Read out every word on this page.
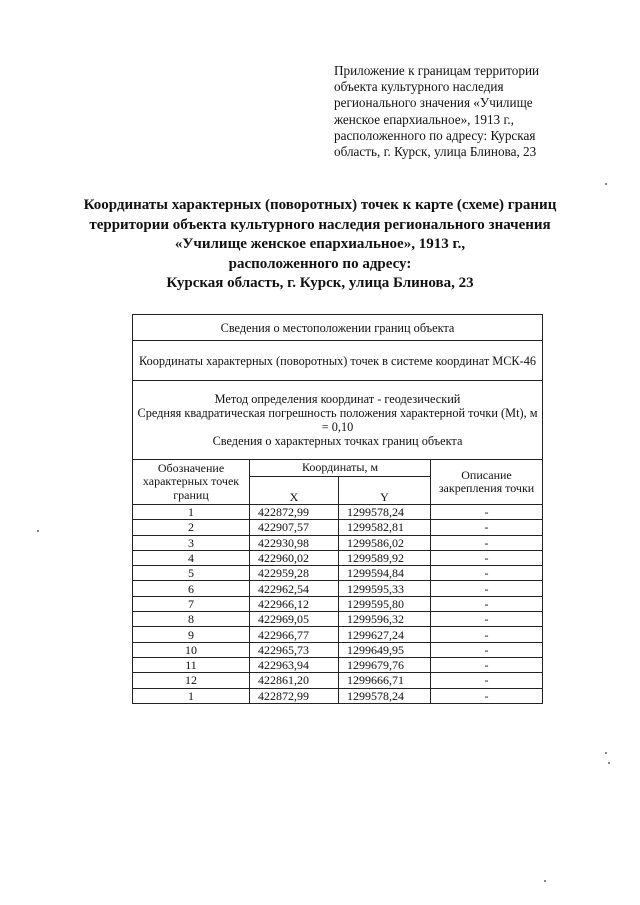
Приложение к границам территории
объекта культурного наследия
регионального значения «Училище
женское епархиальное», 1913 г.,
расположенного по адресу: Курская
область, г. Курск, улица Блинова, 23
Координаты характерных (поворотных) точек к карте (схеме) границ
территории объекта культурного наследия регионального значения
«Училище женское епархиальное», 1913 г.,
расположенного по адресу:
Курская область, г. Курск, улица Блинова, 23
Сведения о местоположении границ объекта			
Координаты характерных (поворотных) точек в системе координат МСК-46			
Метод определения координат - геодезический
Средняя квадратическая погрешность положения характерной точки (Mt), м = 0,10
Сведения о характерных точках границ объекта			
Обозначение характерных точек границ	Координаты, м		Описание закрепления точки
	X	Y	
1	422872,99	1299578,24	-
2	422907,57	1299582,81	-
3	422930,98	1299586,02	-
4	422960,02	1299589,92	-
5	422959,28	1299594,84	-
6	422962,54	1299595,33	-
7	422966,12	1299595,80	-
8	422969,05	1299596,32	-
9	422966,77	1299627,24	-
10	422965,73	1299649,95	-
11	422963,94	1299679,76	-
12	422861,20	1299666,71	-
1	422872,99	1299578,24	-
